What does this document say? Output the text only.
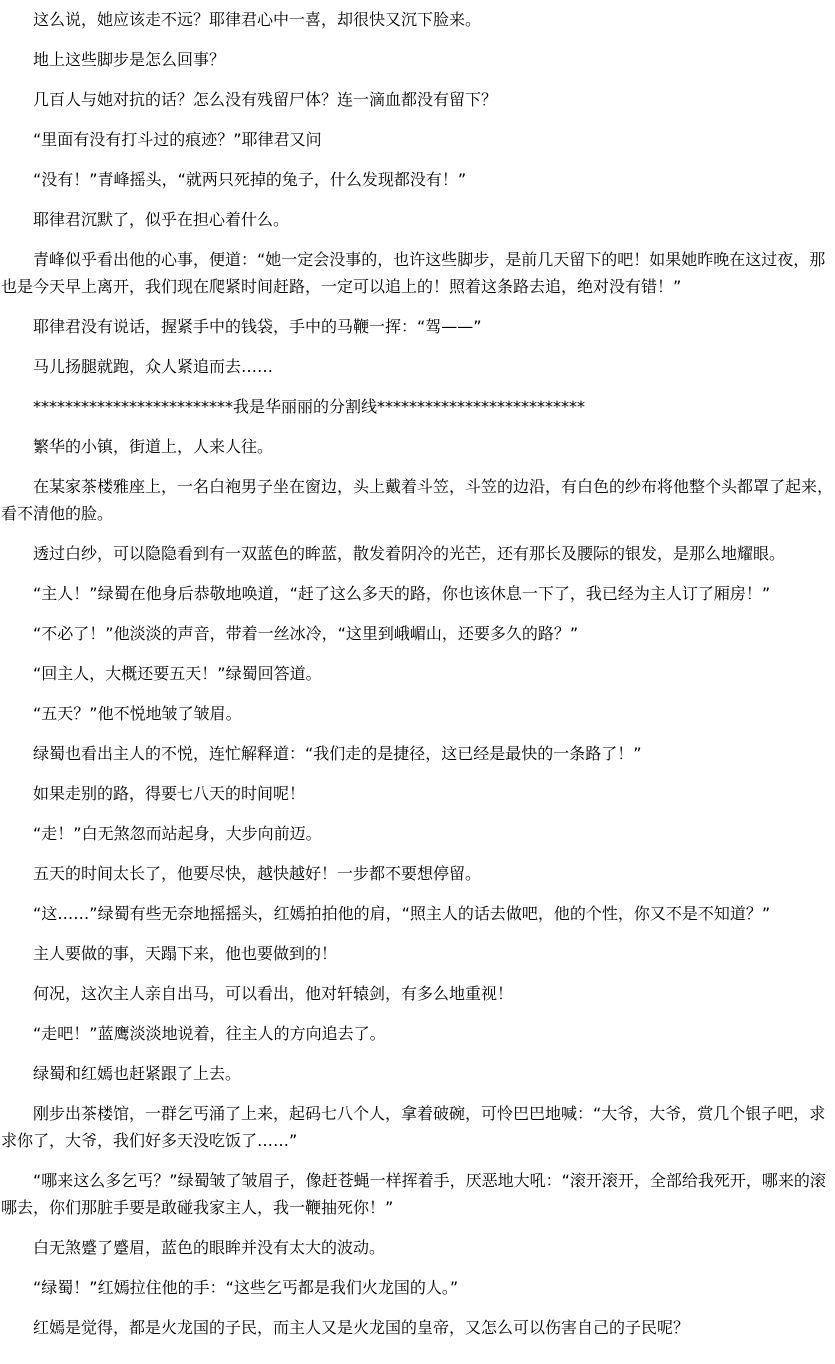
这么说，她应该走不远？耶律君心中一喜，却很快又沉下脸来。

地上这些脚步是怎么回事？

几百人与她对抗的话？怎么没有残留尸体？连一滴血都没有留下？

“里面有没有打斗过的痕迹？”耶律君又问

“没有！”青峰摇头，“就两只死掉的兔子，什么发现都没有！”

耶律君沉默了，似乎在担心着什么。

青峰似乎看出他的心事，便道：“她一定会没事的，也许这些脚步，是前几天留下的吧！如果她昨晚在这过夜，那也是今天早上离开，我们现在爬紧时间赶路，一定可以追上的！照着这条路去追，绝对没有错！”

耶律君没有说话，握紧手中的钱袋，手中的马鞭一挥：“驾——”

马儿扬腿就跑，众人紧追而去……

*************************我是华丽丽的分割线**************************

繁华的小镇，街道上，人来人往。

在某家茶楼雅座上，一名白袍男子坐在窗边，头上戴着斗笠，斗笠的边沿，有白色的纱布将他整个头都罩了起来，看不清他的脸。

透过白纱，可以隐隐看到有一双蓝色的眸蓝，散发着阴冷的光芒，还有那长及腰际的银发，是那么地耀眼。

“主人！”绿蜀在他身后恭敬地唤道，“赶了这么多天的路，你也该休息一下了，我已经为主人订了厢房！”

“不必了！”他淡淡的声音，带着一丝冰冷，“这里到峨嵋山，还要多久的路？”

“回主人，大概还要五天！”绿蜀回答道。

“五天？”他不悦地皱了皱眉。

绿蜀也看出主人的不悦，连忙解释道：“我们走的是捷径，这已经是最快的一条路了！”

如果走别的路，得要七八天的时间呢！

“走！”白无煞忽而站起身，大步向前迈。

五天的时间太长了，他要尽快，越快越好！一步都不要想停留。

“这……”绿蜀有些无奈地摇摇头，红嫣拍拍他的肩，“照主人的话去做吧，他的个性，你又不是不知道？”

主人要做的事，天蹋下来，他也要做到的！

何况，这次主人亲自出马，可以看出，他对轩辕剑，有多么地重视！

“走吧！”蓝鹰淡淡地说着，往主人的方向追去了。

绿蜀和红嫣也赶紧跟了上去。

刚步出茶楼馆，一群乞丐涌了上来，起码七八个人，拿着破碗，可怜巴巴地喊：“大爷，大爷，赏几个银子吧，求求你了，大爷，我们好多天没吃饭了……”

“哪来这么多乞丐？”绿蜀皱了皱眉子，像赶苍蝇一样挥着手，厌恶地大吼：“滚开滚开，全部给我死开，哪来的滚哪去，你们那脏手要是敢碰我家主人，我一鞭抽死你！”

白无煞蹙了蹙眉，蓝色的眼眸并没有太大的波动。

“绿蜀！”红嫣拉住他的手：“这些乞丐都是我们火龙国的人。”

红嫣是觉得，都是火龙国的子民，而主人又是火龙国的皇帝，又怎么可以伤害自己的子民呢？
